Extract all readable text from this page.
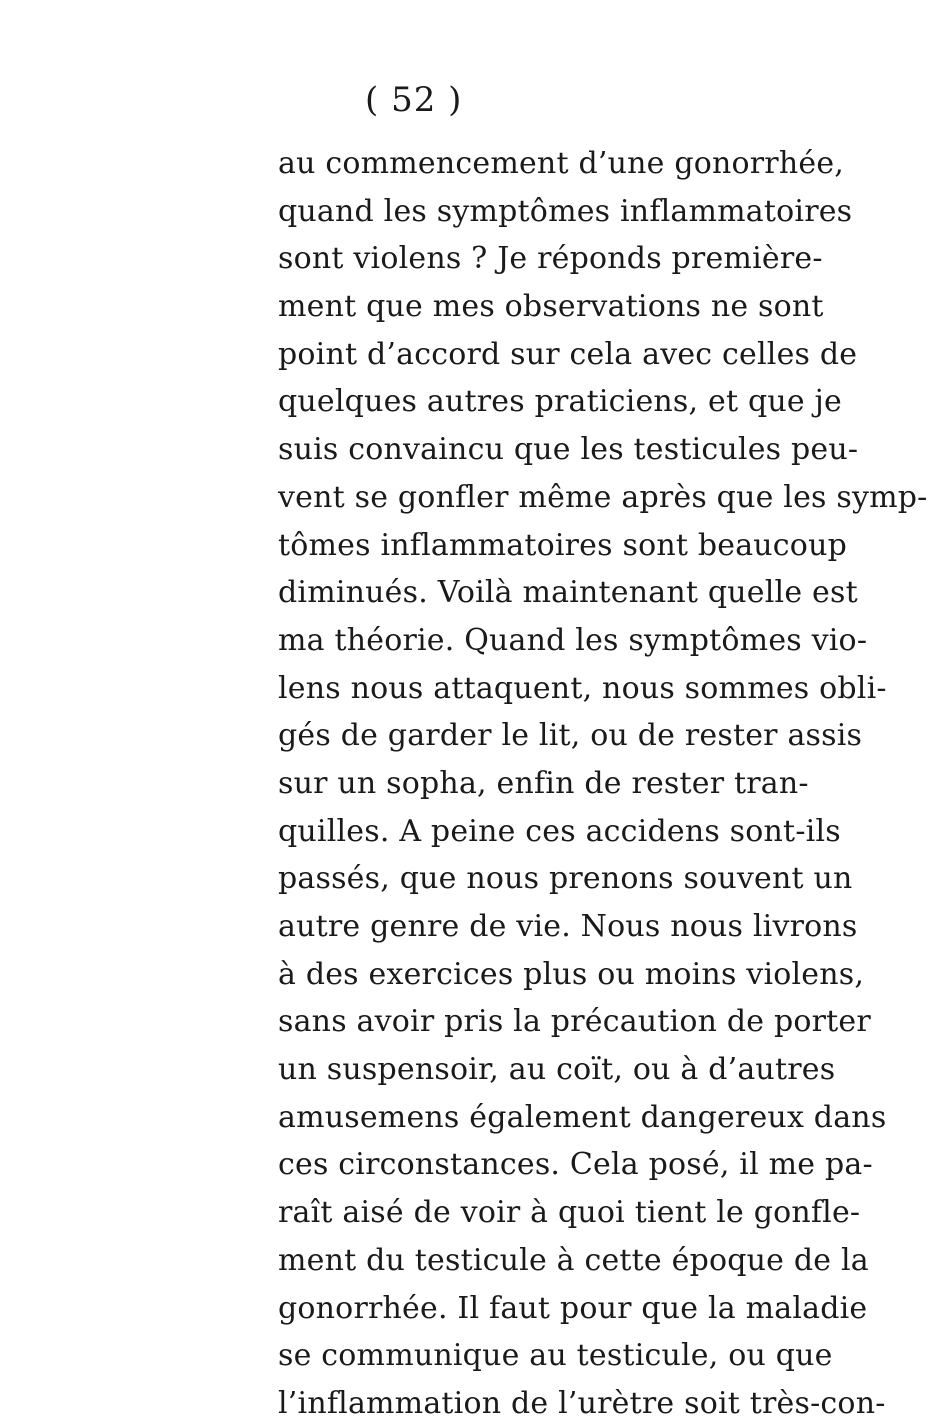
( 52 )
au commencement d’une gonorrhée,
quand les symptômes inflammatoires
sont violens ? Je réponds première-
ment que mes observations ne sont
point d’accord sur cela avec celles de
quelques autres praticiens, et que je
suis convaincu que les testicules peu-
vent se gonfler même après que les symp-
tômes inflammatoires sont beaucoup
diminués. Voilà maintenant quelle est
ma théorie. Quand les symptômes vio-
lens nous attaquent, nous sommes obli-
gés de garder le lit, ou de rester assis
sur un sopha, enfin de rester tran-
quilles. A peine ces accidens sont-ils
passés, que nous prenons souvent un
autre genre de vie. Nous nous livrons
à des exercices plus ou moins violens,
sans avoir pris la précaution de porter
un suspensoir, au coït, ou à d’autres
amusemens également dangereux dans
ces circonstances. Cela posé, il me pa-
raît aisé de voir à quoi tient le gonfle-
ment du testicule à cette époque de la
gonorrhée. Il faut pour que la maladie
se communique au testicule, ou que
l’inflammation de l’urètre soit très-con-
